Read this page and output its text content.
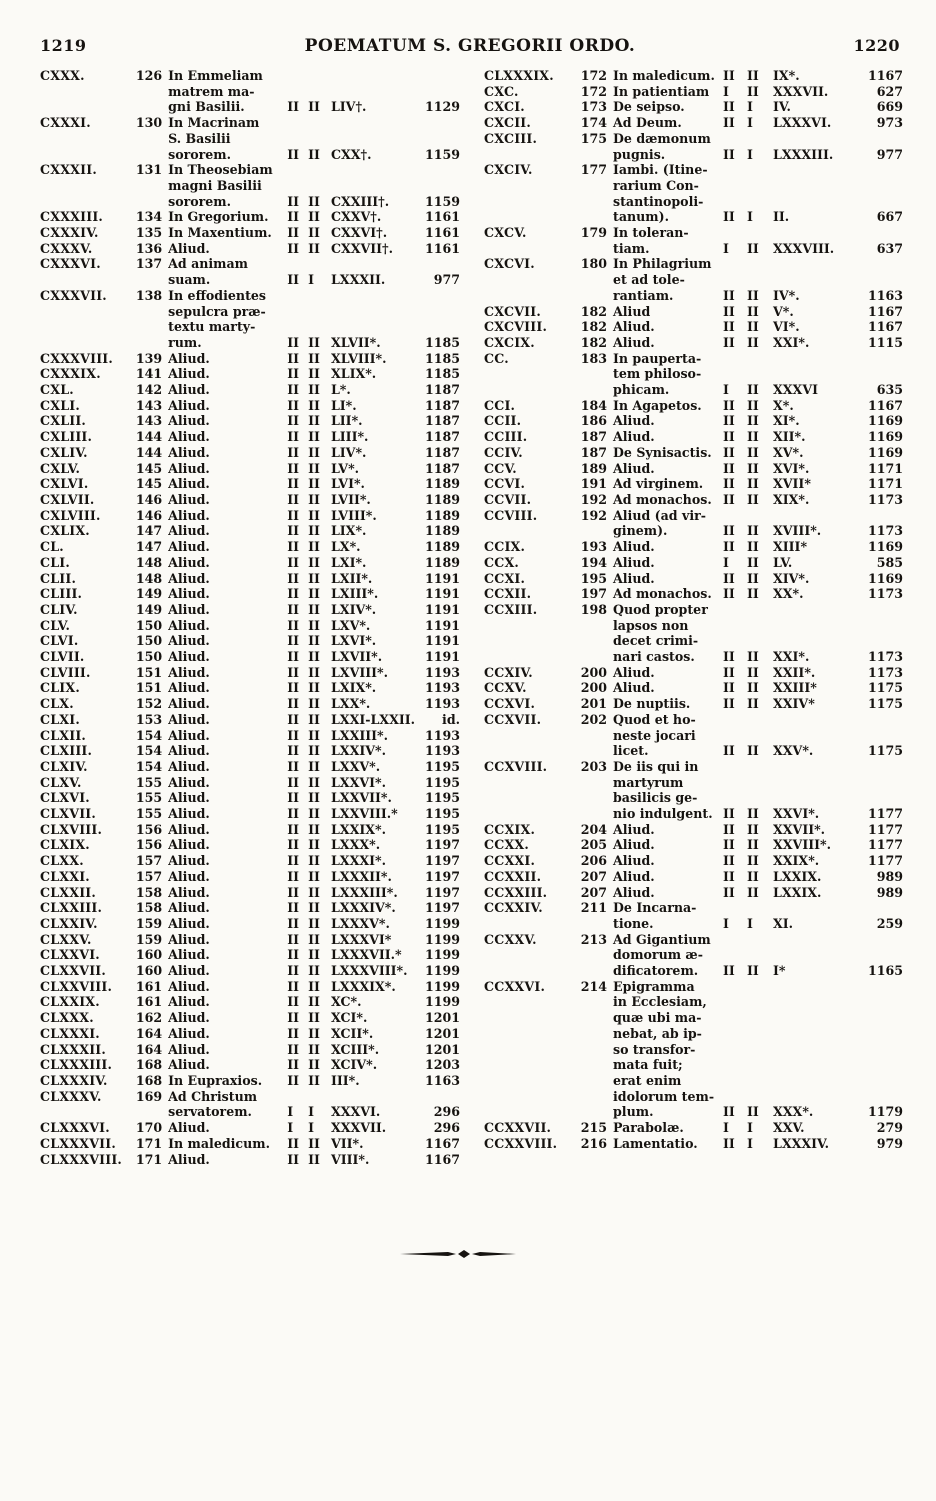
1219	POEMATUM S. GREGORII ORDO.	1220
CXXX.	126 In Emmeliam
matrem ma-
gni Basilii.	II II LIV†.	1129
CXXXI.	130 In Macrinam
S. Basilii
sororem.	II II CXX†.	1159
CXXXII.	131 In Theosebiam
magni Basilii
sororem.	II II CXXIII†.	1159
CXXXIII.	134 In Gregorium.	II II CXXV†.	1161
CXXXIV.	135 In Maxentium.	II II CXXVI†.	1161
CXXXV.	136 Aliud.	II II CXXVII†.	1161
CXXXVI.	137 Ad animam
suam.	II I	LXXXII.	977
CXXXVII.	138 In effodientes
sepulcra præ-
textu marty-
rum.	II II XLVII*.	1185
CXXXVIII.	139 Aliud.	II II XLVIII*.	1185
CXXXIX.	141 Aliud.	II II XLIX*.	1185
CXL.	142 Aliud.	II II L*.	1187
CXLI.	143 Aliud.	II II LI*.	1187
CXLII.	143 Aliud.	II II LII*.	1187
CXLIII.	144 Aliud.	II II LIII*.	1187
CXLIV.	144 Aliud.	II II LIV*.	1187
CXLV.	145 Aliud.	II II LV*.	1187
CXLVI.	145 Aliud.	II II LVI*.	1189
CXLVII.	146 Aliud.	II II LVII*.	1189
CXLVIII.	146 Aliud.	II II LVIII*.	1189
CXLIX.	147 Aliud.	II II LIX*.	1189
CL.	147 Aliud.	II II LX*.	1189
CLI.	148 Aliud.	II II LXI*.	1189
CLII.	148 Aliud.	II II LXII*.	1191
CLIII.	149 Aliud.	II II LXIII*.	1191
CLIV.	149 Aliud.	II II LXIV*.	1191
CLV.	150 Aliud.	II II LXV*.	1191
CLVI.	150 Aliud.	II II LXVI*.	1191
CLVII.	150 Aliud.	II II LXVII*.	1191
CLVIII.	151 Aliud.	II II LXVIII*.	1193
CLIX.	151 Aliud.	II II LXIX*.	1193
CLX.	152 Aliud.	II II LXX*.	1193
CLXI.	153 Aliud.	II II LXXI-LXXII.	id.
CLXII.	154 Aliud.	II II LXXIII*.	1193
CLXIII.	154 Aliud.	II II LXXIV*.	1193
CLXIV.	154 Aliud.	II II LXXV*.	1195
CLXV.	155 Aliud.	II II LXXVI*.	1195
CLXVI.	155 Aliud.	II II LXXVII*.	1195
CLXVII.	155 Aliud.	II II LXXVIII.*	1195
CLXVIII.	156 Aliud.	II II LXXIX*.	1195
CLXIX.	156 Aliud.	II II LXXX*.	1197
CLXX.	157 Aliud.	II II LXXXI*.	1197
CLXXI.	157 Aliud.	II II LXXXII*.	1197
CLXXII.	158 Aliud.	II II LXXXIII*.	1197
CLXXIII.	158 Aliud.	II II LXXXIV*.	1197
CLXXIV.	159 Aliud.	II II LXXXV*.	1199
CLXXV.	159 Aliud.	II II LXXXVI*	1199
CLXXVI.	160 Aliud.	II II LXXXVII.*	1199
CLXXVII.	160 Aliud.	II II LXXXVIII*.	1199
CLXXVIII.	161 Aliud.	II II LXXXIX*.	1199
CLXXIX.	161 Aliud.	II II XC*.	1199
CLXXX.	162 Aliud.	II II XCI*.	1201
CLXXXI.	164 Aliud.	II II XCII*.	1201
CLXXXII.	164 Aliud.	II II XCIII*.	1201
CLXXXIII.	168 Aliud.	II II XCIV*.	1203
CLXXXIV.	168 In Eupraxios.	II II III*.	1163
CLXXXV.	169 Ad Christum
servatorem.	I	I	XXXVI.	296
CLXXXVI.	170 Aliud.	I	I	XXXVII.	296
CLXXXVII.	171 In maledicum.	II II VII*.	1167
CLXXXVIII.	171 Aliud.	II II VIII*.	1167
CLXXXIX.	172 In maledicum. II II	IX*.	1167
CXC.	172 In patientiam	I	II	XXXVII.	627
CXCI.	173 De seipso.	II I	IV.	669
CXCII.	174 Ad Deum.	II I	LXXXVI.	973
CXCIII.	175 De dæmonum
pugnis.	II I	LXXXIII.	977
CXCIV.	177 Iambi. (Itine-
rarium Con-
stantinopoli-
tanum).	II I	II.	667
CXCV.	179 In toleran-
tiam.	I	II	XXXVIII.	637
CXCVI.	180 In Philagrium
et ad tole-
rantiam.	II II	IV*.	1163
CXCVII.	182 Aliud	II II	V*.	1167
CXCVIII.	182 Aliud.	II II	VI*.	1167
CXCIX.	182 Aliud.	II II	XXI*.	1115
CC.	183 In pauperta-
tem philoso-
phicam.	I	II	XXXVI	635
CCI.	184 In Agapetos.	II II	X*.	1167
CCII.	186 Aliud.	II II	XI*.	1169
CCIII.	187 Aliud.	II II	XII*.	1169
CCIV.	187 De Synisactis. II II	XV*.	1169
CCV.	189 Aliud.	II II	XVI*.	1171
CCVI.	191 Ad virginem.	II II	XVII*	1171
CCVII.	192 Ad monachos. II II	XIX*.	1173
CCVIII.	192 Aliud (ad vir-
ginem).	II II	XVIII*.	1173
CCIX.	193 Aliud.	II II	XIII*	1169
CCX.	194 Aliud.	I	II	LV.	585
CCXI.	195 Aliud.	II II	XIV*.	1169
CCXII.	197 Ad monachos. II II	XX*.	1173
CCXIII.	198 Quod propter
lapsos non
decet crimi-
nari castos.	II II	XXI*.	1173
CCXIV.	200 Aliud.	II II	XXII*.	1173
CCXV.	200 Aliud.	II II	XXIII*	1175
CCXVI.	201 De nuptiis.	II II	XXIV*	1175
CCXVII.	202 Quod et ho-
neste jocari
licet.	II II	XXV*.	1175
CCXVIII.	203 De iis qui in
martyrum
basilicis ge-
nio indulgent. II II	XXVI*.	1177
CCXIX.	204 Aliud.	II II	XXVII*.	1177
CCXX.	205 Aliud.	II II	XXVIII*.	1177
CCXXI.	206 Aliud.	II II	XXIX*.	1177
CCXXII.	207 Aliud.	II II	LXXIX.	989
CCXXIII.	207 Aliud.	II II	LXXIX.	989
CCXXIV.	211 De Incarna-
tione.	I	I	XI.	259
CCXXV.	213 Ad Gigantium
domorum æ-
dificatorem.	II II	I*	1165
CCXXVI.	214 Epigramma
in Ecclesiam,
quæ ubi ma-
nebat, ab ip-
so transfor-
mata fuit;
erat enim
idolorum tem-
plum.	II II	XXX*.	1179
CCXXVII.	215 Parabolæ.	I	I	XXV.	279
CCXXVIII.	216 Lamentatio.	II I	LXXXIV.	979
